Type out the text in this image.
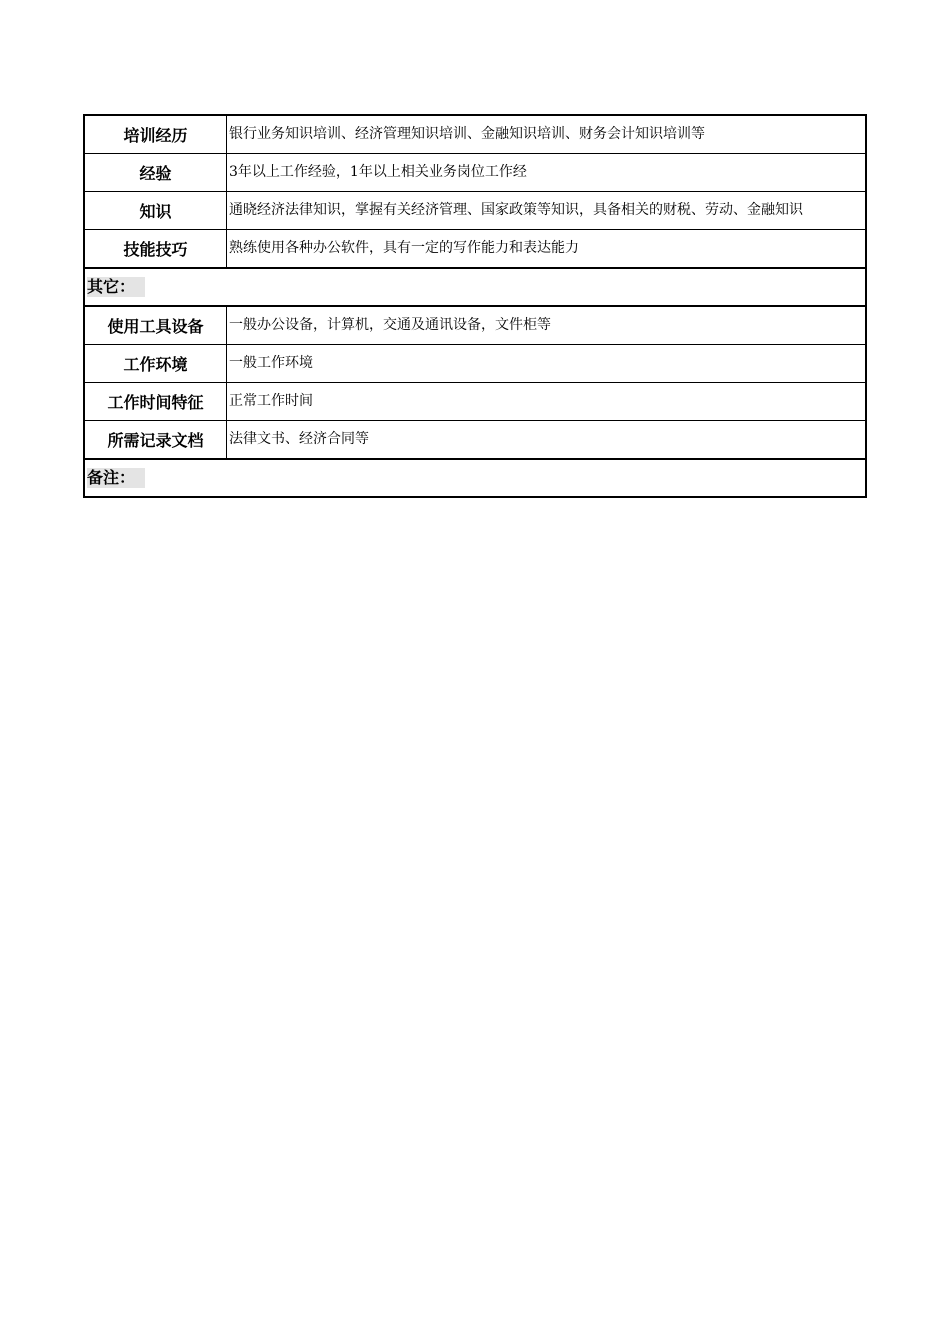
培训经历	银行业务知识培训、经济管理知识培训、金融知识培训、财务会计知识培训等
经验	3年以上工作经验，1年以上相关业务岗位工作经
知识	通晓经济法律知识，掌握有关经济管理、国家政策等知识，具备相关的财税、劳动、金融知识
技能技巧	熟练使用各种办公软件，具有一定的写作能力和表达能力
其它：	
使用工具设备	一般办公设备，计算机，交通及通讯设备，文件柜等
工作环境	一般工作环境
工作时间特征	正常工作时间
所需记录文档	法律文书、经济合同等
备注：	
